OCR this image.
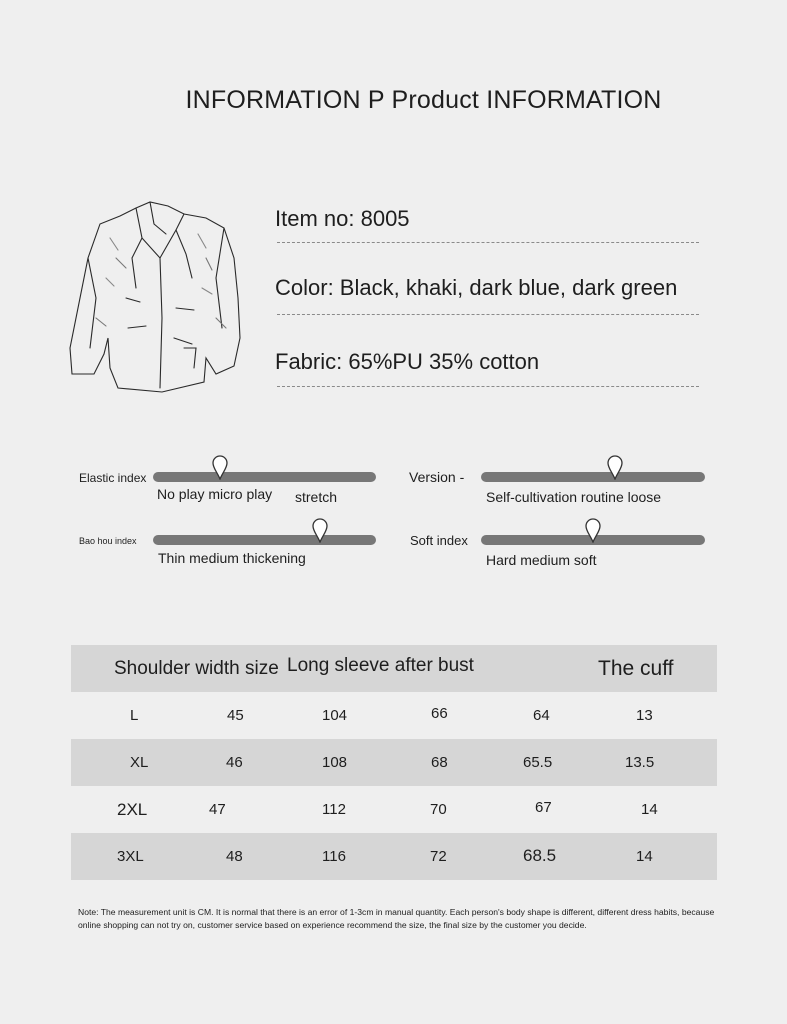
INFORMATION P Product INFORMATION
Item no: 8005
Color: Black, khaki, dark blue, dark green
Fabric: 65%PU 35% cotton
Elastic index
No play micro play stretch
Version -
Self-cultivation routine loose
Bao hou index
Thin medium thickening
Soft index
Hard medium soft
Shoulder width size Long sleeve after bust	The cuff
L	45	104	66	64	13
XL	46	108	68	65.5	13.5
2XL	47	112	70	67	14
3XL	48	116	72	68.5	14
Note: The measurement unit is CM. It is normal that there is an error of 1-3cm in manual quantity. Each person's body shape is different, different dress habits, because online shopping can not try on, customer service based on experience recommend the size, the final size by the customer you decide.
